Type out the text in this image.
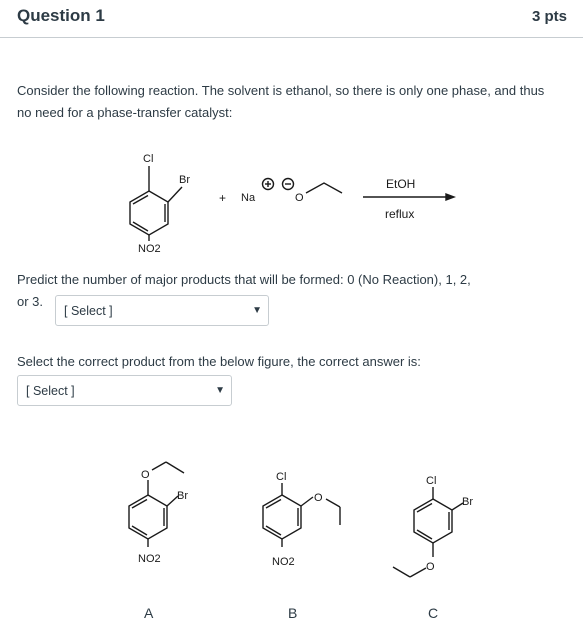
Question 1	3 pts
Consider the following reaction. The solvent is ethanol, so there is only one phase, and thus no need for a phase-transfer catalyst:
Cl
Br
NO2
+ Na	O
EtOH
reflux
Predict the number of major products that will be formed: 0 (No Reaction), 1, 2,
or 3.
[ Select ]	▼
Select the correct product from the below figure, the correct answer is:
[ Select ]	▼
O
Br
NO2
Cl
O
NO2
Cl
Br
O
A	B	C
